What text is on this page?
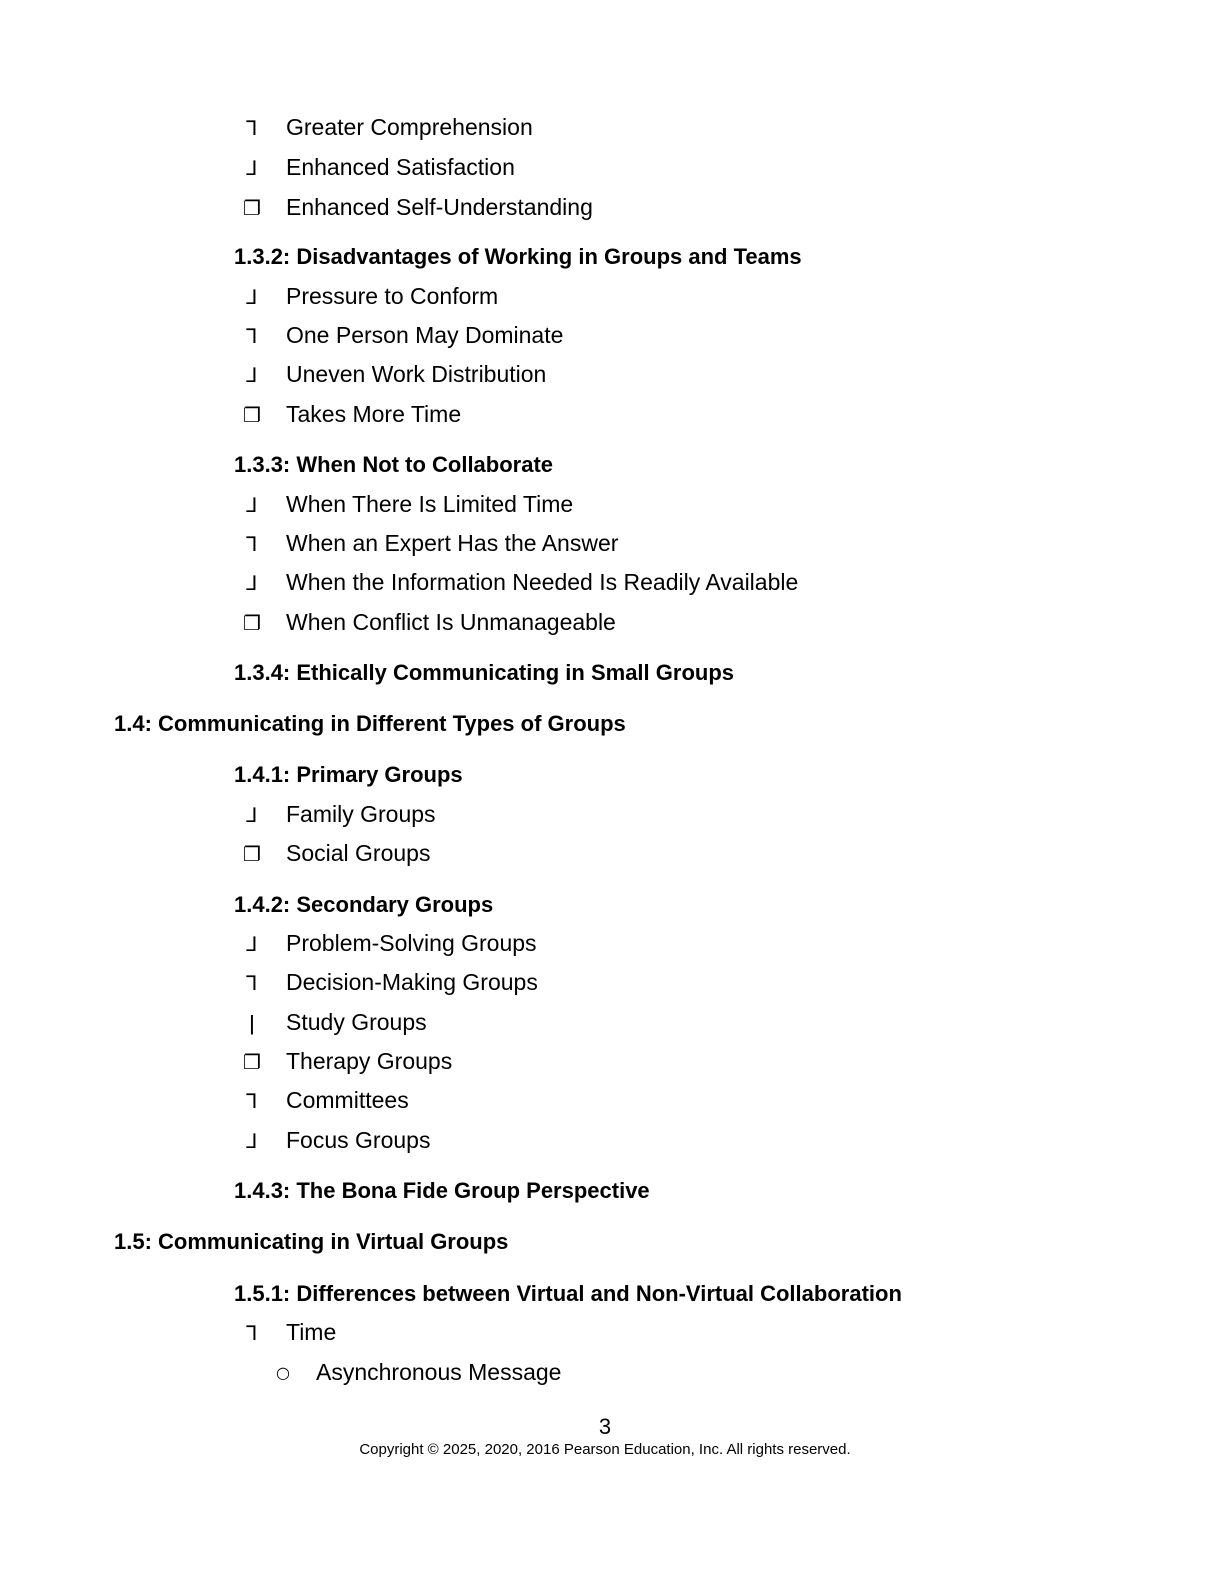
⅂ Greater Comprehension
⅃ Enhanced Satisfaction
❐ Enhanced Self-Understanding
1.3.2: Disadvantages of Working in Groups and Teams
⅃ Pressure to Conform
⅂ One Person May Dominate
⅃ Uneven Work Distribution
❐ Takes More Time
1.3.3: When Not to Collaborate
⅃ When There Is Limited Time
⅂ When an Expert Has the Answer
⅃ When the Information Needed Is Readily Available
❐ When Conflict Is Unmanageable
1.3.4: Ethically Communicating in Small Groups
1.4: Communicating in Different Types of Groups
1.4.1: Primary Groups
⅃ Family Groups
❐ Social Groups
1.4.2: Secondary Groups
⅃ Problem-Solving Groups
⅂ Decision-Making Groups
ǀ	Study Groups
❐ Therapy Groups
⅂ Committees
⅃ Focus Groups
1.4.3: The Bona Fide Group Perspective
1.5: Communicating in Virtual Groups
1.5.1: Differences between Virtual and Non-Virtual Collaboration
⅂ Time
○ Asynchronous Message
3
Copyright © 2025, 2020, 2016 Pearson Education, Inc. All rights reserved.
